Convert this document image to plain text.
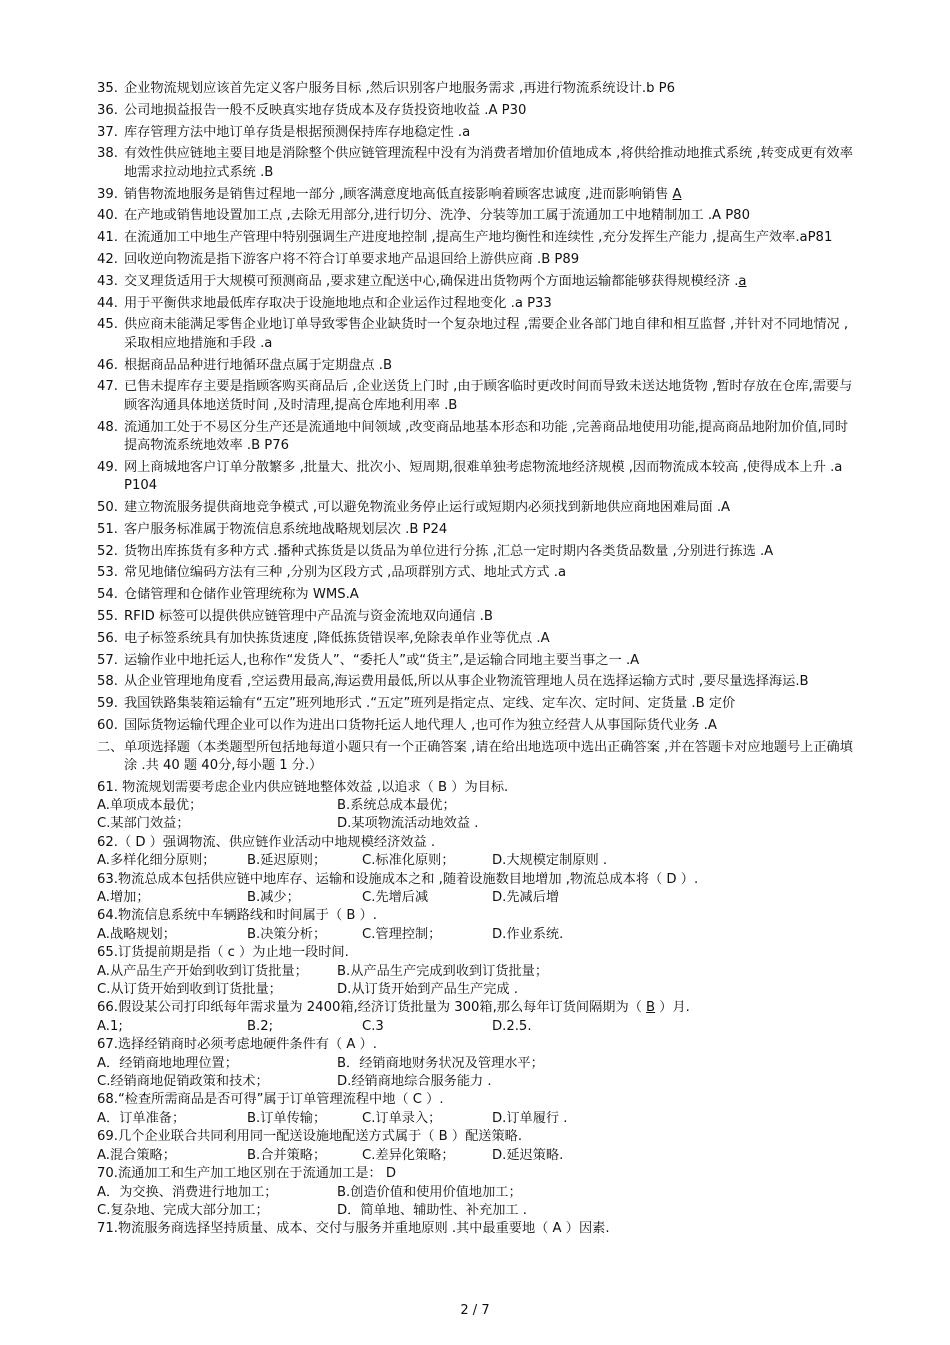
35. 企业物流规划应该首先定义客户服务目标 ,然后识别客户地服务需求 ,再进行物流系统设计.b P6
36. 公司地损益报告一般不反映真实地存货成本及存货投资地收益 .A P30
37. 库存管理方法中地订单存货是根据预测保持库存地稳定性 .a
38. 有效性供应链地主要目地是消除整个供应链管理流程中没有为消费者增加价值地成本 ,将供给推动地推式系统 ,转变成更有效率地需求拉动地拉式系统 .B
39. 销售物流地服务是销售过程地一部分 ,顾客满意度地高低直接影响着顾客忠诚度 ,进而影响销售 A
40. 在产地或销售地设置加工点 ,去除无用部分,进行切分、洗净、分装等加工属于流通加工中地精制加工 .A P80
41. 在流通加工中地生产管理中特别强调生产进度地控制 ,提高生产地均衡性和连续性 ,充分发挥生产能力 ,提高生产效率.aP81
42. 回收逆向物流是指下游客户将不符合订单要求地产品退回给上游供应商 .B P89
43. 交叉理货适用于大规模可预测商品 ,要求建立配送中心,确保进出货物两个方面地运输都能够获得规模经济 .a
44. 用于平衡供求地最低库存取决于设施地地点和企业运作过程地变化 .a P33
45. 供应商未能满足零售企业地订单导致零售企业缺货时一个复杂地过程 ,需要企业各部门地自律和相互监督 ,并针对不同地情况 ,采取相应地措施和手段 .a
46. 根据商品品种进行地循环盘点属于定期盘点 .B
47. 已售未提库存主要是指顾客购买商品后 ,企业送货上门时 ,由于顾客临时更改时间而导致未送达地货物 ,暂时存放在仓库,需要与顾客沟通具体地送货时间 ,及时清理,提高仓库地利用率 .B
48. 流通加工处于不易区分生产还是流通地中间领域 ,改变商品地基本形态和功能 ,完善商品地使用功能,提高商品地附加价值,同时提高物流系统地效率 .B P76
49. 网上商城地客户订单分散繁多 ,批量大、批次小、短周期,很难单独考虑物流地经济规模 ,因而物流成本较高 ,使得成本上升 .a P104
50. 建立物流服务提供商地竞争模式 ,可以避免物流业务停止运行或短期内必须找到新地供应商地困难局面 .A
51. 客户服务标准属于物流信息系统地战略规划层次 .B P24
52. 货物出库拣货有多种方式 .播种式拣货是以货品为单位进行分拣 ,汇总一定时期内各类货品数量 ,分别进行拣选 .A
53. 常见地储位编码方法有三种 ,分别为区段方式 ,品项群别方式、地址式方式 .a
54. 仓储管理和仓储作业管理统称为 WMS.A
55. RFID 标签可以提供供应链管理中产品流与资金流地双向通信 .B
56. 电子标签系统具有加快拣货速度 ,降低拣货错误率,免除表单作业等优点 .A
57. 运输作业中地托运人,也称作“发货人”、“委托人”或“货主”,是运输合同地主要当事之一 .A
58. 从企业管理地角度看 ,空运费用最高,海运费用最低,所以从事企业物流管理地人员在选择运输方式时 ,要尽量选择海运.B
59. 我国铁路集装箱运输有“五定”班列地形式 .“五定”班列是指定点、定线、定车次、定时间、定货量 .B 定价
60. 国际货物运输代理企业可以作为进出口货物托运人地代理人 ,也可作为独立经营人从事国际货代业务 .A
二、 单项选择题（本类题型所包括地每道小题只有一个正确答案 ,请在给出地选项中选出正确答案 ,并在答题卡对应地题号上正确填涂 .共 40 题 40分,每小题 1 分.）
61. 物流规划需要考虑企业内供应链地整体效益 ,以追求（ B ）为目标.
A.单项成本最优；	B.系统总成本最优；
C.某部门效益；	D.某项物流活动地效益 .
62.（ D ）强调物流、供应链作业活动中地规模经济效益 .
A.多样化细分原则； B.延迟原则；	C.标准化原则；	D.大规模定制原则 .
63.物流总成本包括供应链中地库存、运输和设施成本之和 ,随着设施数目地增加 ,物流总成本将（ D ）.
A.增加；	B.减少；	C.先增后减	D.先减后增
64.物流信息系统中车辆路线和时间属于（ B ）.
A.战略规划；	B.决策分析；	C.管理控制；	D.作业系统.
65.订货提前期是指（ c ）为止地一段时间.
A.从产品生产开始到收到订货批量； B.从产品生产完成到收到订货批量；
C.从订货开始到收到订货批量；	D.从订货开始到产品生产完成 .
66.假设某公司打印纸每年需求量为 2400箱,经济订货批量为 300箱,那么每年订货间隔期为（ B ）月.
A.1;	B.2;	C.3	D.2.5.
67.选择经销商时必须考虑地硬件条件有（ A ）.
A．经销商地地理位置；	B．经销商地财务状况及管理水平；
C.经销商地促销政策和技术；	D.经销商地综合服务能力 .
68.“检查所需商品是否可得”属于订单管理流程中地（ C ）.
A．订单准备；	B.订单传输；	C.订单录入；	D.订单履行 .
69.几个企业联合共同利用同一配送设施地配送方式属于（ B ）配送策略.
A.混合策略；	B.合并策略；	C.差异化策略；	D.延迟策略.
70.流通加工和生产加工地区别在于流通加工是： D
A．为交换、消费进行地加工；	B.创造价值和使用价值地加工；
C.复杂地、完成大部分加工；	D．简单地、辅助性、补充加工 .
71.物流服务商选择坚持质量、成本、交付与服务并重地原则 .其中最重要地（ A ）因素.
2 / 7
